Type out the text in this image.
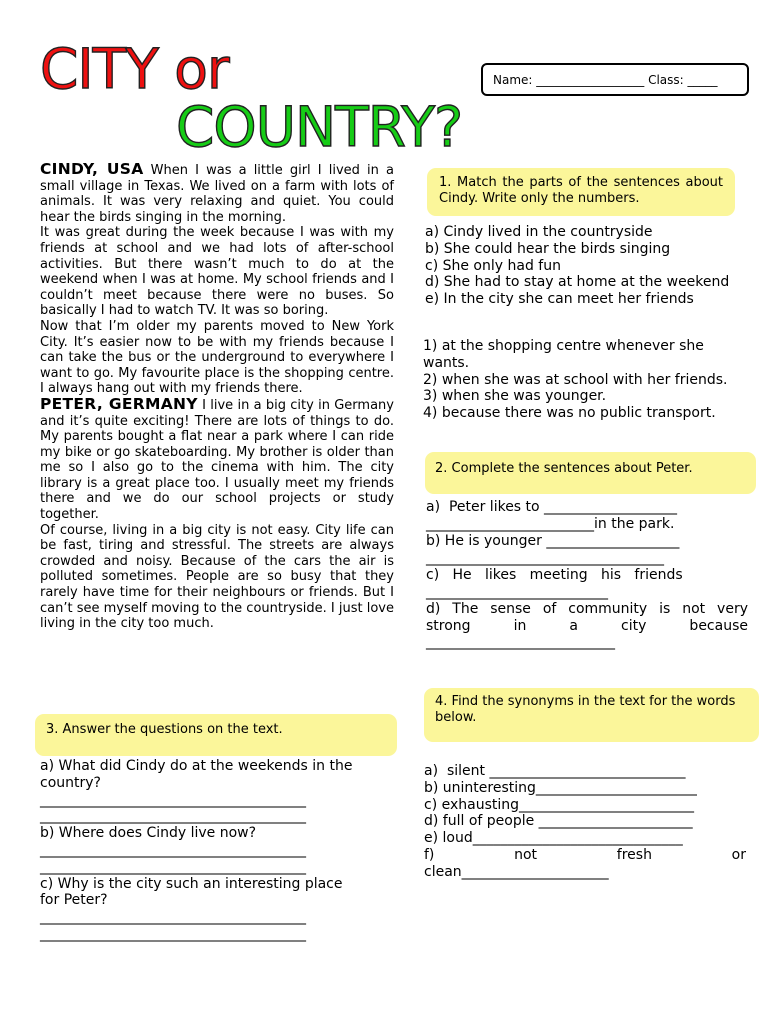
CITY or
COUNTRY?
Name: __________________ Class: _____

CINDY, USA When I was a little girl I lived in a small village in Texas. We lived on a farm with lots of animals. It was very relaxing and quiet. You could hear the birds singing in the morning.

It was great during the week because I was with my friends at school and we had lots of after-school activities. But there wasn’t much to do at the weekend when I was at home. My school friends and I couldn’t meet because there were no buses. So basically I had to watch TV. It was so boring.

Now that I’m older my parents moved to New York City. It’s easier now to be with my friends because I can take the bus or the underground to everywhere I want to go. My favourite place is the shopping centre. I always hang out with my friends there.

PETER, GERMANY I live in a big city in Germany and it’s quite exciting! There are lots of things to do. My parents bought a flat near a park where I can ride my bike or go skateboarding. My brother is older than me so I also go to the cinema with him. The city library is a great place too. I usually meet my friends there and we do our school projects or study together.

Of course, living in a big city is not easy. City life can be fast, tiring and stressful. The streets are always crowded and noisy. Because of the cars the air is polluted sometimes. People are so busy that they rarely have time for their neighbours or friends. But I can’t see myself moving to the countryside. I just love living in the city too much.

1. Match the parts of the sentences about Cindy. Write only the numbers.
a) Cindy lived in the countryside
b) She could hear the birds singing
c) She only had fun
d) She had to stay at home at the weekend
e) In the city she can meet her friends
1) at the shopping centre whenever she wants.
2) when she was at school with her friends.
3) when she was younger.
4) because there was no public transport.
2. Complete the sentences about Peter.
a)  Peter likes to ___________________
________________________in the park.
b) He is younger ___________________
__________________________________
c)   He   likes   meeting   his   friends
__________________________
d) The sense of community is not very
strong in a city because
___________________________
3. Answer the questions on the text.
a) What did Cindy do at the weekends in the country?
______________________________________
______________________________________
b) Where does Cindy live now?
______________________________________
______________________________________
c) Why is the city such an interesting place for Peter?
______________________________________
______________________________________
4. Find the synonyms in the text for the words below.
a)  silent ____________________________
b) uninteresting_______________________
c) exhausting_________________________
d) full of people ______________________
e) loud______________________________
f) not fresh or
clean_____________________
